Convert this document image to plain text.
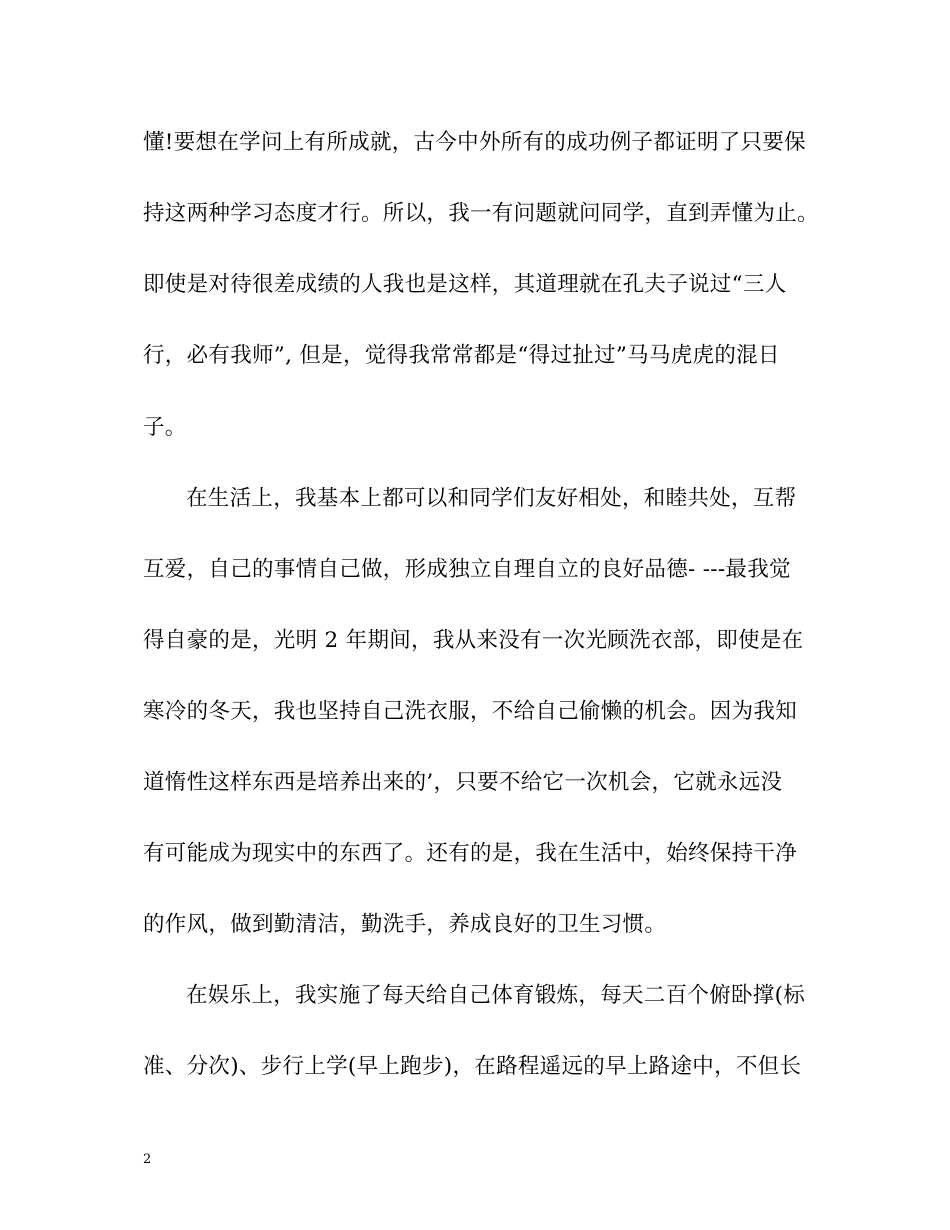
懂!要想在学问上有所成就，古今中外所有的成功例子都证明了只要保
持这两种学习态度才行。所以，我一有问题就问同学，直到弄懂为止。
即使是对待很差成绩的人我也是这样，其道理就在孔夫子说过“三人
行，必有我师”, 但是，觉得我常常都是“得过扯过”马马虎虎的混日
子。
在生活上，我基本上都可以和同学们友好相处，和睦共处，互帮
互爱，自己的事情自己做，形成独立自理自立的良好品德- ---最我觉
得自豪的是，光明 2 年期间，我从来没有一次光顾洗衣部，即使是在
寒冷的冬天，我也坚持自己洗衣服，不给自己偷懒的机会。因为我知
道惰性这样东西是培养出来的’，只要不给它一次机会，它就永远没
有可能成为现实中的东西了。还有的是，我在生活中，始终保持干净
的作风，做到勤清洁，勤洗手，养成良好的卫生习惯。
在娱乐上，我实施了每天给自己体育锻炼，每天二百个俯卧撑(标
准、分次)、步行上学(早上跑步)，在路程遥远的早上路途中，不但长
2
